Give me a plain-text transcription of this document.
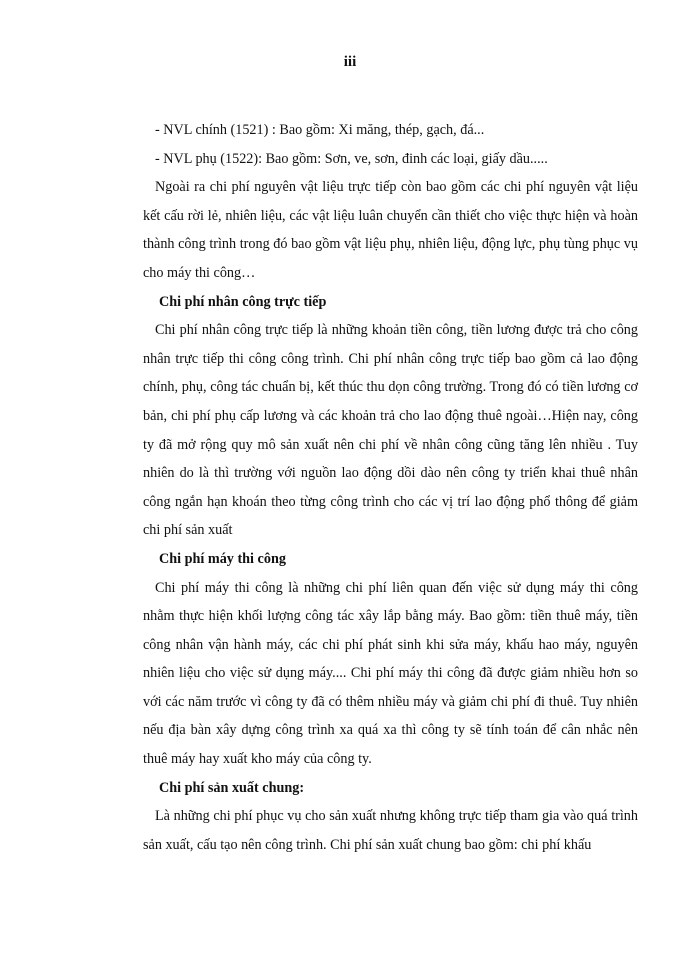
iii

- NVL chính (1521) : Bao gồm: Xi măng, thép, gạch, đá...

- NVL phụ (1522): Bao gồm: Sơn, ve, sơn, đinh các loại, giấy dầu.....

Ngoài ra chi phí nguyên vật liệu trực tiếp còn bao gồm các chi phí nguyên vật liệu kết cấu rời lẻ, nhiên liệu, các vật liệu luân chuyển cần thiết cho việc thực hiện và hoàn thành công trình trong đó bao gồm vật liệu phụ, nhiên liệu, động lực, phụ tùng phục vụ cho máy thi công…

Chi phí nhân công trực tiếp

Chi phí nhân công trực tiếp là những khoản tiền công, tiền lương được trả cho công nhân trực tiếp thi công công trình. Chi phí nhân công trực tiếp bao gồm cả lao động chính, phụ, công tác chuẩn bị, kết thúc thu dọn công trường. Trong đó có tiền lương cơ bản, chi phí phụ cấp lương và các khoản trả cho lao động thuê ngoài…Hiện nay, công ty đã mở rộng quy mô sản xuất nên chi phí về nhân công cũng tăng lên nhiều . Tuy nhiên do là thì trường với nguồn lao động dồi dào nên công ty triển khai thuê nhân công ngắn hạn khoán theo từng công trình cho các vị trí lao động phổ thông để giảm chi phí sản xuất

Chi phí máy thi công

Chi phí máy thi công là những chi phí liên quan đến việc sử dụng máy thi công nhằm thực hiện khối lượng công tác xây lắp bằng máy. Bao gồm: tiền thuê máy, tiền công nhân vận hành máy, các chi phí phát sinh khi sửa máy, khấu hao máy, nguyên nhiên liệu cho việc sử dụng máy.... Chi phí máy thi công đã được giảm nhiều hơn so với các năm trước vì công ty đã có thêm nhiều máy và giảm chi phí đi thuê. Tuy nhiên nếu địa bàn xây dựng công trình xa quá xa thì công ty sẽ tính toán để cân nhắc nên thuê máy hay xuất kho máy của công ty.

Chi phí sản xuất chung:

Là những chi phí phục vụ cho sản xuất nhưng không trực tiếp tham gia vào quá trình sản xuất, cấu tạo nên công trình. Chi phí sản xuất chung bao gồm: chi phí khấu
